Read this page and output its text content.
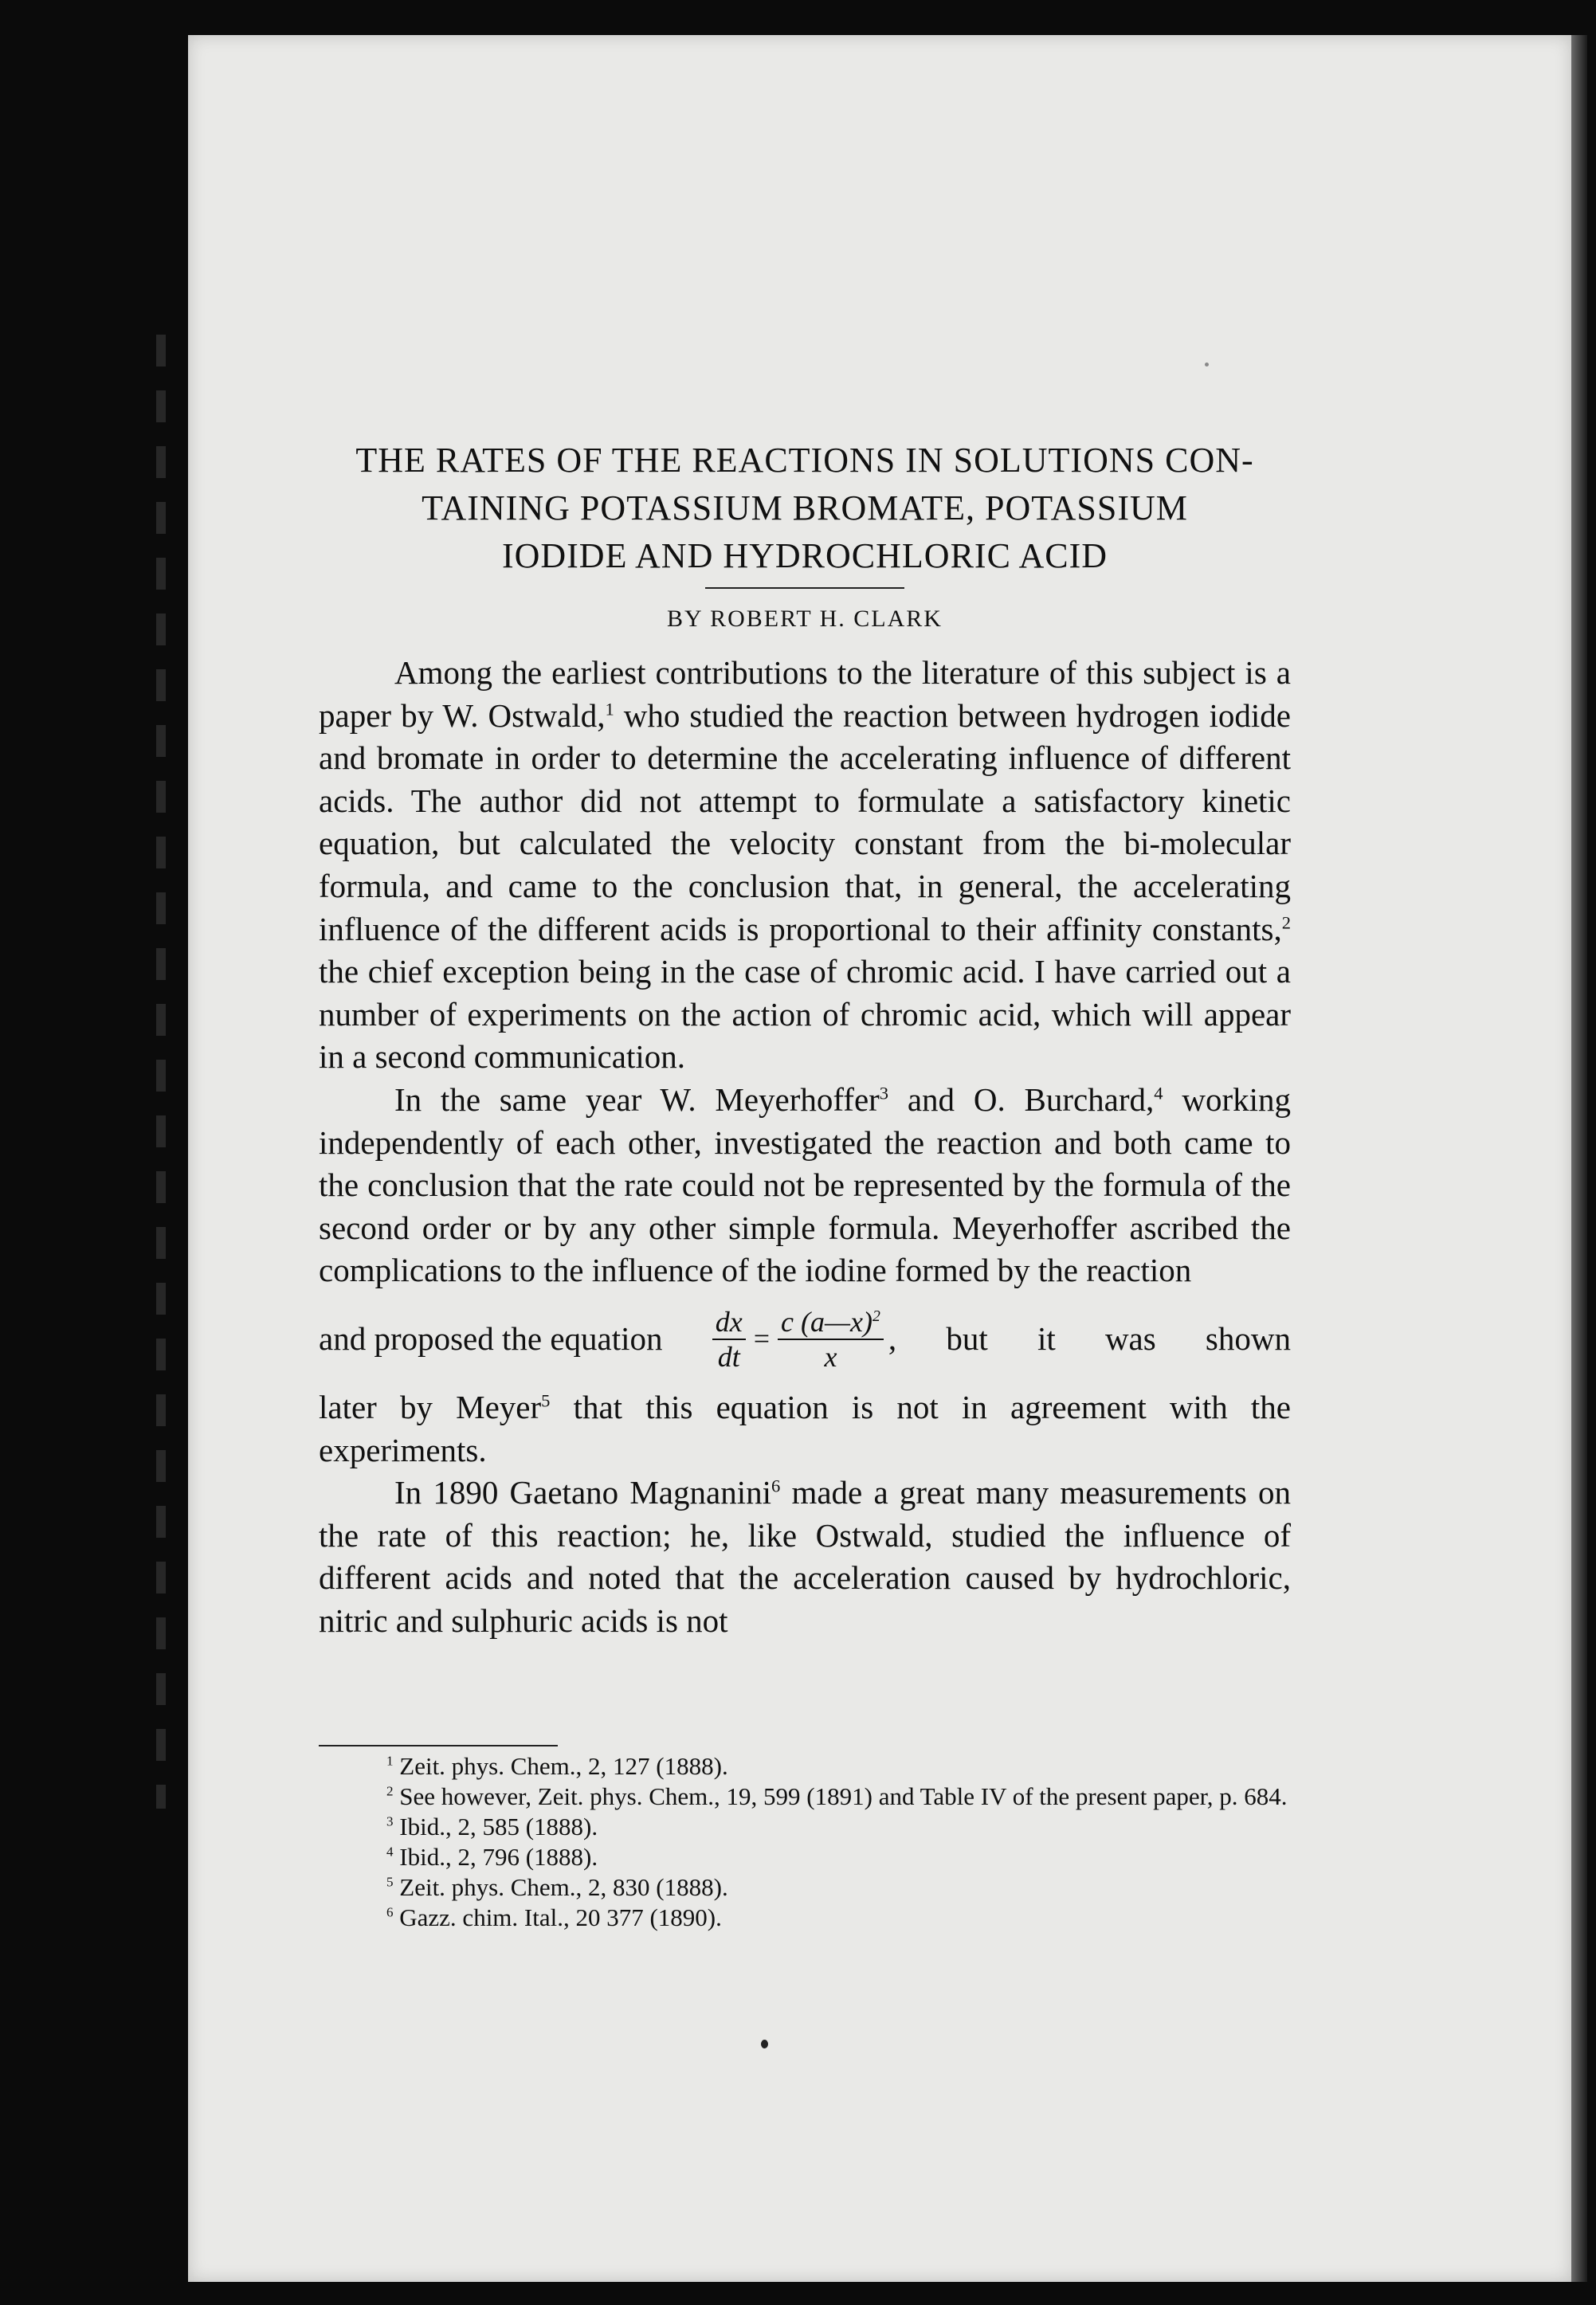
THE RATES OF THE REACTIONS IN SOLUTIONS CON-
TAINING POTASSIUM BROMATE, POTASSIUM
IODIDE AND HYDROCHLORIC ACID
BY ROBERT H. CLARK

Among the earliest contributions to the literature of this subject is a paper by W. Ostwald,$^1$ who studied the reaction between hydrogen iodide and bromate in order to determine the accelerating influence of different acids. The author did not attempt to formulate a satisfactory kinetic equation, but calculated the velocity constant from the bi-molecular formula, and came to the conclusion that, in general, the accelerating influence of the different acids is proportional to their affinity constants,$^2$ the chief exception being in the case of chromic acid. I have carried out a number of experiments on the action of chromic acid, which will appear in a second communication.

In the same year W. Meyerhoffer$^3$ and O. Burchard,$^4$ working independently of each other, investigated the reaction and both came to the conclusion that the rate could not be represented by the formula of the second order or by any other simple formula. Meyerhoffer ascribed the complications to the influence of the iodine formed by the reaction

and proposed the equation $\frac{dx}{dt} = \frac{c (a—x)^2}{x}$ , but it was shown

later by Meyer$^5$ that this equation is not in agreement with the experiments.

In 1890 Gaetano Magnanini$^6$ made a great many measurements on the rate of this reaction; he, like Ostwald, studied the influence of different acids and noted that the acceleration caused by hydrochloric, nitric and sulphuric acids is not

$^1$ Zeit. phys. Chem., 2, 127 (1888).

$^2$ See however, Zeit. phys. Chem., 19, 599 (1891) and Table IV of the present paper, p. 684.

$^3$ Ibid., 2, 585 (1888).

$^4$ Ibid., 2, 796 (1888).

$^5$ Zeit. phys. Chem., 2, 830 (1888).

$^6$ Gazz. chim. Ital., 20 377 (1890).
